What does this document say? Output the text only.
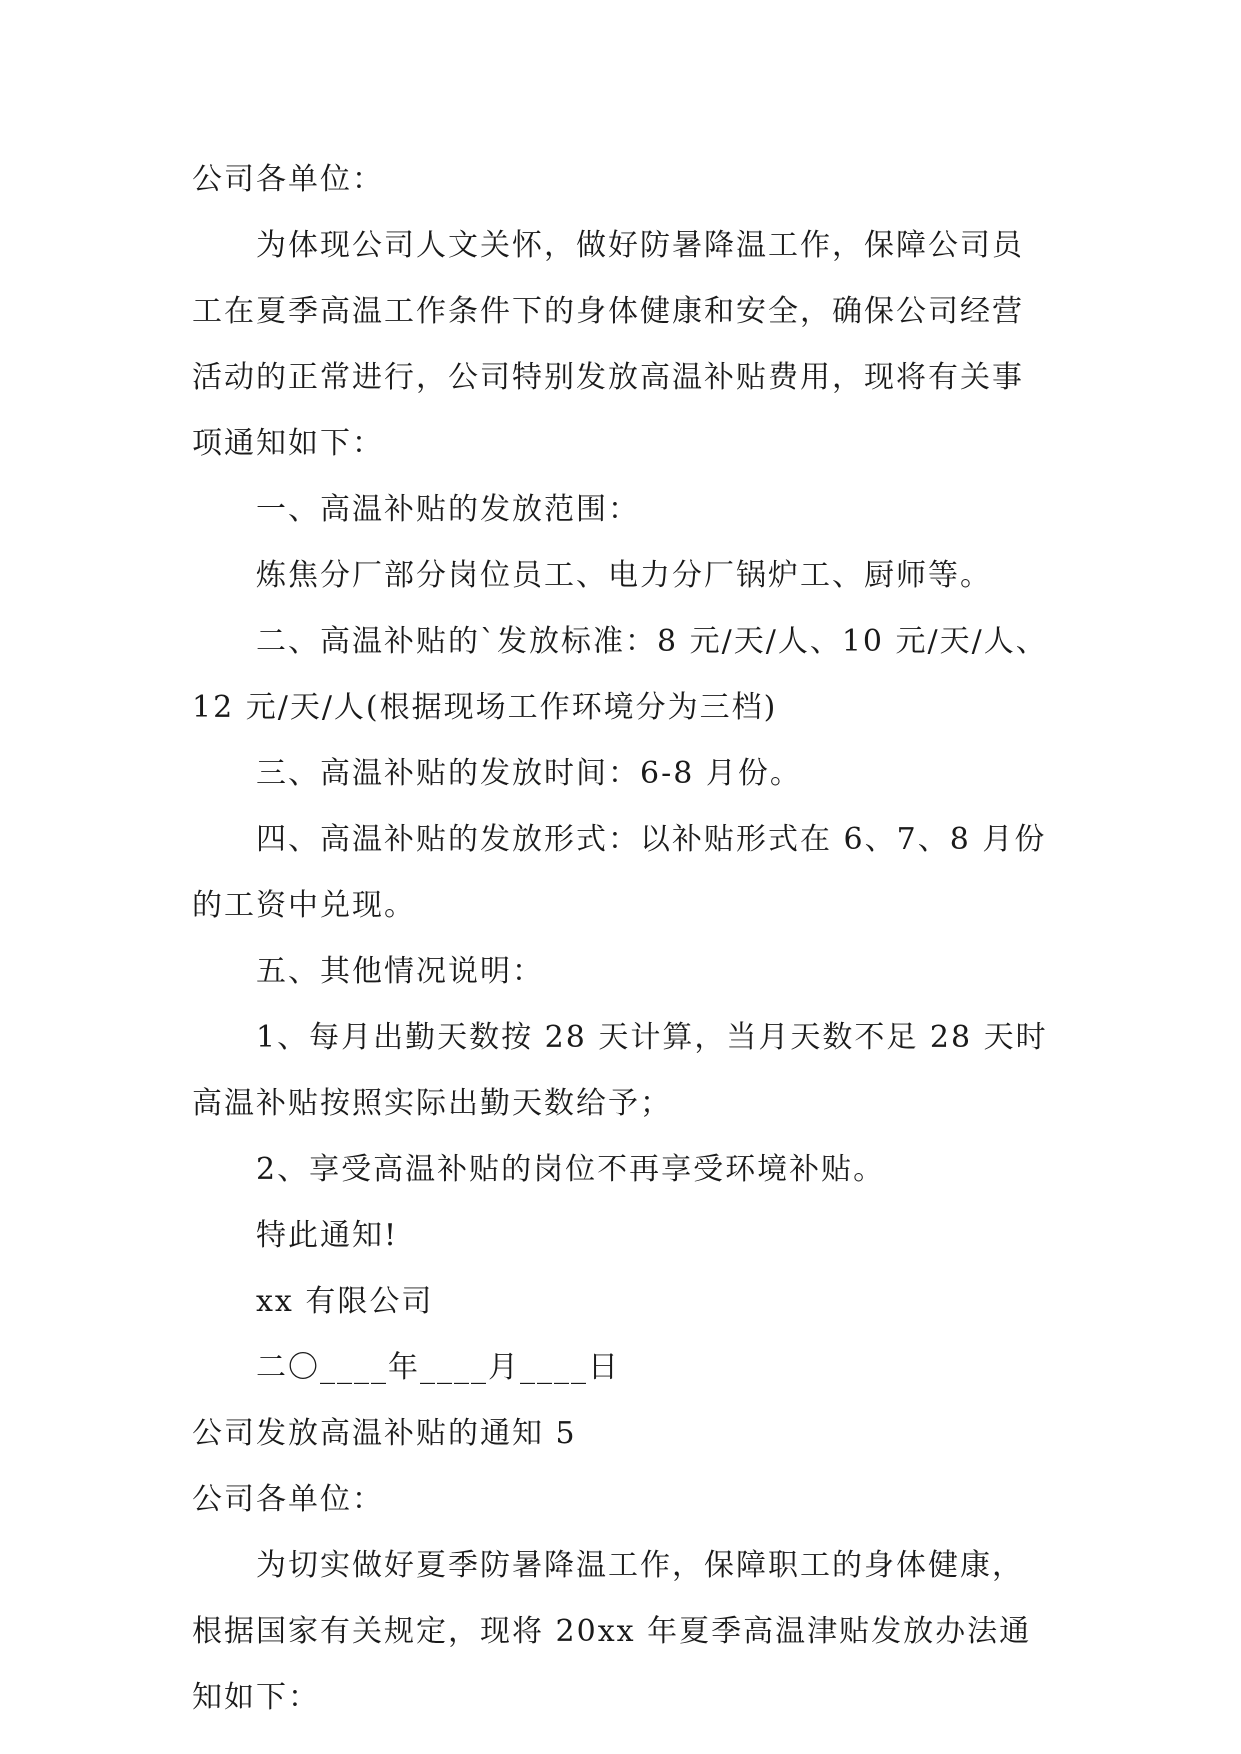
公司各单位：
为体现公司人文关怀，做好防暑降温工作，保障公司员
工在夏季高温工作条件下的身体健康和安全，确保公司经营
活动的正常进行，公司特别发放高温补贴费用，现将有关事
项通知如下：
一、高温补贴的发放范围：
炼焦分厂部分岗位员工、电力分厂锅炉工、厨师等。
二、高温补贴的`发放标准：8 元/天/人、10 元/天/人、
12 元/天/人(根据现场工作环境分为三档)
三、高温补贴的发放时间：6-8 月份。
四、高温补贴的发放形式：以补贴形式在 6、7、8 月份
的工资中兑现。
五、其他情况说明：
1、每月出勤天数按 28 天计算，当月天数不足 28 天时
高温补贴按照实际出勤天数给予；
2、享受高温补贴的岗位不再享受环境补贴。
特此通知!
xx 有限公司
二〇____年____月____日
公司发放高温补贴的通知 5
公司各单位：
为切实做好夏季防暑降温工作，保障职工的身体健康，
根据国家有关规定，现将 20xx 年夏季高温津贴发放办法通
知如下：
